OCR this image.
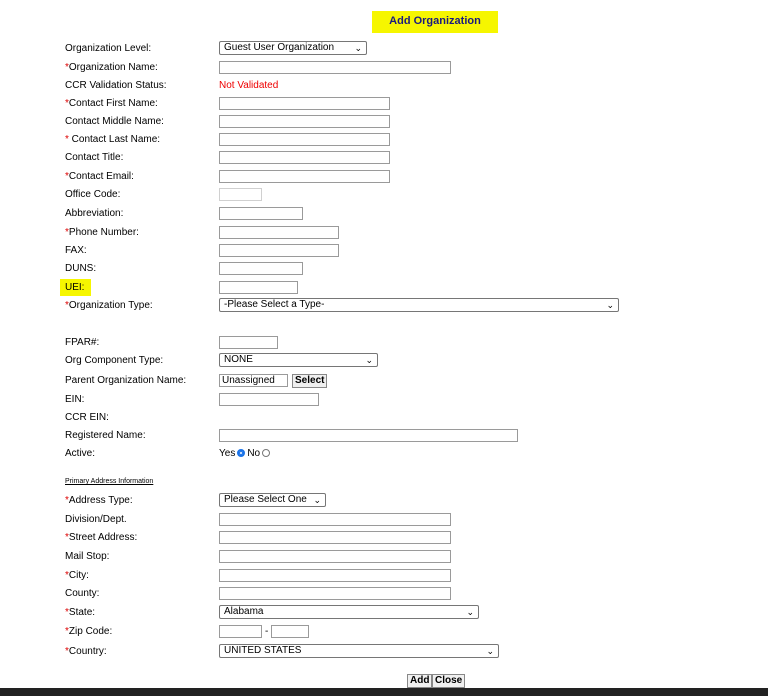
Add Organization
Organization Level:	Guest User Organization ⌄
*Organization Name:
CCR Validation Status:	Not Validated
*Contact First Name:
Contact Middle Name:
* Contact Last Name:
Contact Title:
*Contact Email:
Office Code:
Abbreviation:
*Phone Number:
FAX:
DUNS:
UEI:
*Organization Type:	-Please Select a Type-	⌄
FPAR#:
Org Component Type:	NONE	⌄
Parent Organization Name:	Unassigned	Select
EIN:
CCR EIN:
Registered Name:
Active:	Yes No
Primary Address Information
*Address Type:	Please Select One ⌄
Division/Dept.
*Street Address:
Mail Stop:
*City:
County:
*State:	Alabama	⌄
*Zip Code:	-
*Country:	UNITED STATES	⌄
Add Close
